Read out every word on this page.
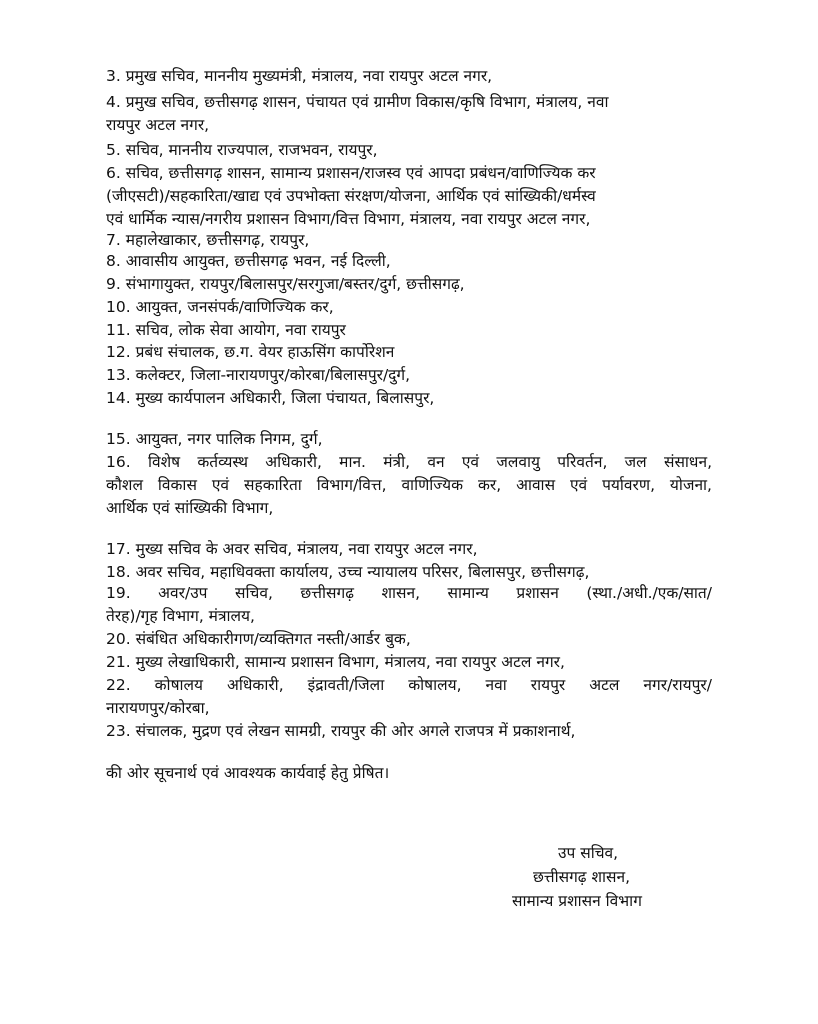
3. प्रमुख सचिव, माननीय मुख्यमंत्री, मंत्रालय, नवा रायपुर अटल नगर,
4. प्रमुख सचिव, छत्तीसगढ़ शासन, पंचायत एवं ग्रामीण विकास/कृषि विभाग, मंत्रालय, नवा
रायपुर अटल नगर,
5. सचिव, माननीय राज्यपाल, राजभवन, रायपुर,
6. सचिव, छत्तीसगढ़ शासन, सामान्य प्रशासन/राजस्व एवं आपदा प्रबंधन/वाणिज्यिक कर
(जीएसटी)/सहकारिता/खाद्य एवं उपभोक्ता संरक्षण/योजना, आर्थिक एवं सांख्यिकी/धर्मस्व
एवं धार्मिक न्यास/नगरीय प्रशासन विभाग/वित्त विभाग, मंत्रालय, नवा रायपुर अटल नगर,
7. महालेखाकार, छत्तीसगढ़, रायपुर,
8. आवासीय आयुक्त, छत्तीसगढ़ भवन, नई दिल्ली,
9. संभागायुक्त, रायपुर/बिलासपुर/सरगुजा/बस्तर/दुर्ग, छत्तीसगढ़,
10. आयुक्त, जनसंपर्क/वाणिज्यिक कर,
11. सचिव, लोक सेवा आयोग, नवा रायपुर
12. प्रबंध संचालक, छ.ग. वेयर हाऊसिंग कार्पोरेशन
13. कलेक्टर, जिला-नारायणपुर/कोरबा/बिलासपुर/दुर्ग,
14. मुख्य कार्यपालन अधिकारी, जिला पंचायत, बिलासपुर,
15. आयुक्त, नगर पालिक निगम, दुर्ग,
16. विशेष कर्तव्यस्थ अधिकारी, मान. मंत्री, वन एवं जलवायु परिवर्तन, जल संसाधन,
कौशल विकास एवं सहकारिता विभाग/वित्त, वाणिज्यिक कर, आवास एवं पर्यावरण, योजना,
आर्थिक एवं सांख्यिकी विभाग,
17. मुख्य सचिव के अवर सचिव, मंत्रालय, नवा रायपुर अटल नगर,
18. अवर सचिव, महाधिवक्ता कार्यालय, उच्च न्यायालय परिसर, बिलासपुर, छत्तीसगढ़,
19. अवर/उप सचिव, छत्तीसगढ़ शासन, सामान्य प्रशासन (स्था./अधी./एक/सात/
तेरह)/गृह विभाग, मंत्रालय,
20. संबंधित अधिकारीगण/व्यक्तिगत नस्ती/आर्डर बुक,
21. मुख्य लेखाधिकारी, सामान्य प्रशासन विभाग, मंत्रालय, नवा रायपुर अटल नगर,
22. कोषालय अधिकारी, इंद्रावती/जिला कोषालय, नवा रायपुर अटल नगर/रायपुर/
नारायणपुर/कोरबा,
23. संचालक, मुद्रण एवं लेखन सामग्री, रायपुर की ओर अगले राजपत्र में प्रकाशनार्थ,
की ओर सूचनार्थ एवं आवश्यक कार्यवाई हेतु प्रेषित।
उप सचिव,
छत्तीसगढ़ शासन,
सामान्य प्रशासन विभाग
